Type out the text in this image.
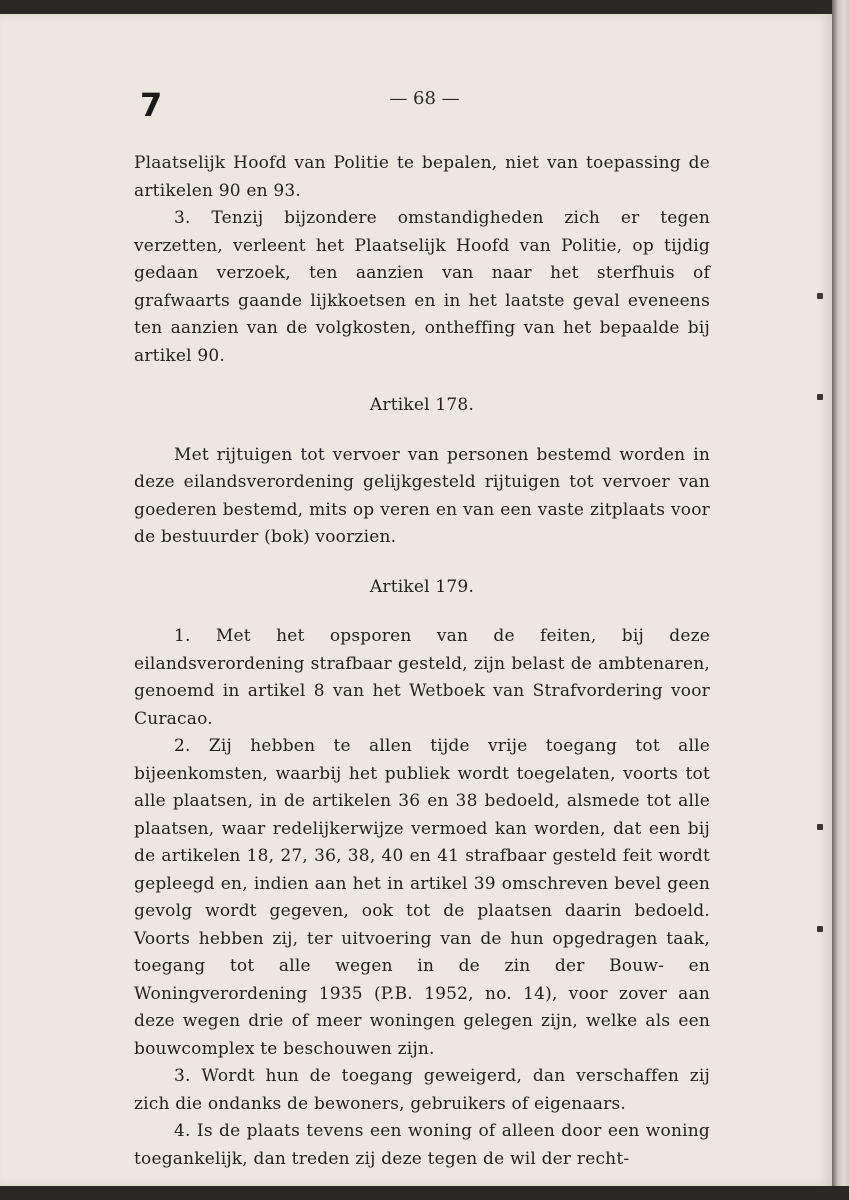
7	— 68 —

Plaatselijk Hoofd van Politie te bepalen, niet van toepassing de artikelen 90 en 93.

3. Tenzij bijzondere omstandigheden zich er tegen verzetten, verleent het Plaatselijk Hoofd van Politie, op tijdig gedaan verzoek, ten aanzien van naar het sterfhuis of grafwaarts gaande lijkkoetsen en in het laatste geval eveneens ten aanzien van de volgkosten, ontheffing van het bepaalde bij artikel 90.

Artikel 178.

Met rijtuigen tot vervoer van personen bestemd worden in deze eilandsverordening gelijkgesteld rijtuigen tot vervoer van goederen bestemd, mits op veren en van een vaste zitplaats voor de bestuurder (bok) voorzien.

Artikel 179.

1. Met het opsporen van de feiten, bij deze eilandsverordening strafbaar gesteld, zijn belast de ambtenaren, genoemd in artikel 8 van het Wetboek van Strafvordering voor Curacao.

2. Zij hebben te allen tijde vrije toegang tot alle bijeenkomsten, waarbij het publiek wordt toegelaten, voorts tot alle plaatsen, in de artikelen 36 en 38 bedoeld, alsmede tot alle plaatsen, waar redelijkerwijze vermoed kan worden, dat een bij de artikelen 18, 27, 36, 38, 40 en 41 strafbaar gesteld feit wordt gepleegd en, indien aan het in artikel 39 omschreven bevel geen gevolg wordt gegeven, ook tot de plaatsen daarin bedoeld. Voorts hebben zij, ter uitvoering van de hun opgedragen taak, toegang tot alle wegen in de zin der Bouw- en Woningverordening 1935 (P.B. 1952, no. 14), voor zover aan deze wegen drie of meer woningen gelegen zijn, welke als een bouwcomplex te beschouwen zijn.

3. Wordt hun de toegang geweigerd, dan verschaffen zij zich die ondanks de bewoners, gebruikers of eigenaars.

4. Is de plaats tevens een woning of alleen door een woning toegankelijk, dan treden zij deze tegen de wil der recht-
